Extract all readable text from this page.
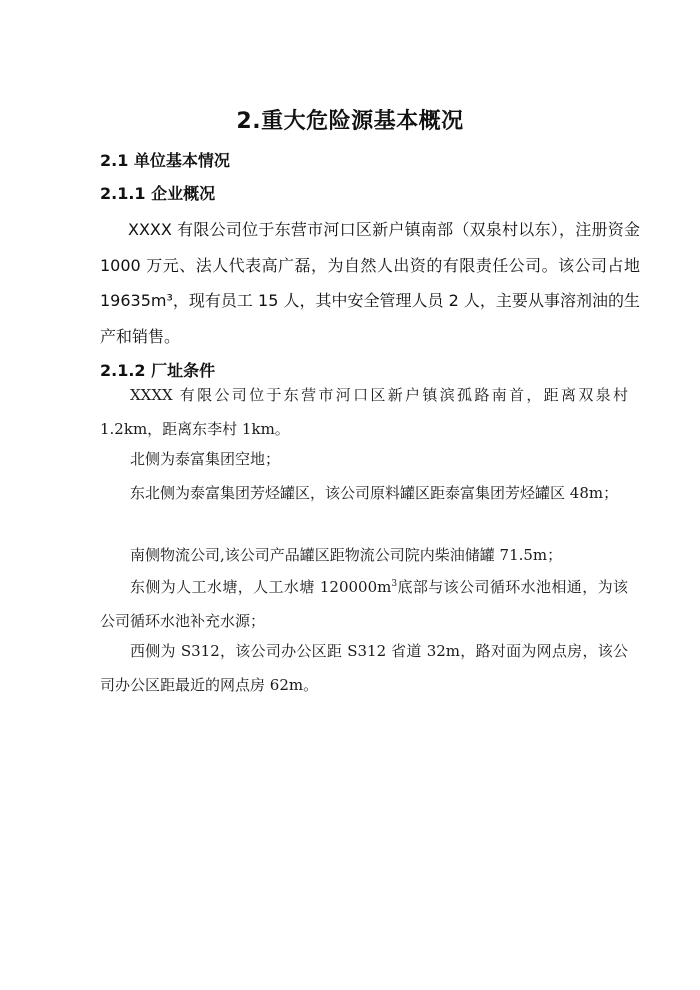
2.重大危险源基本概况
2.1 单位基本情况
2.1.1 企业概况
XXXX 有限公司位于东营市河口区新户镇南部（双泉村以东），注册资金 1000 万元、法人代表高广磊，为自然人出资的有限责任公司。该公司占地 19635m³，现有员工 15 人，其中安全管理人员 2 人，主要从事溶剂油的生产和销售。
2.1.2 厂址条件
XXXX 有限公司位于东营市河口区新户镇滨孤路南首，距离双泉村 1.2km，距离东李村 1km。
北侧为泰富集团空地；
东北侧为泰富集团芳烃罐区，该公司原料罐区距泰富集团芳烃罐区 48m；
南侧物流公司,该公司产品罐区距物流公司院内柴油储罐 71.5m；
东侧为人工水塘，人工水塘 $120000m^3$底部与该公司循环水池相通，为该公司循环水池补充水源；
西侧为 S312，该公司办公区距 S312 省道 32m，路对面为网点房，该公司办公区距最近的网点房 62m。
